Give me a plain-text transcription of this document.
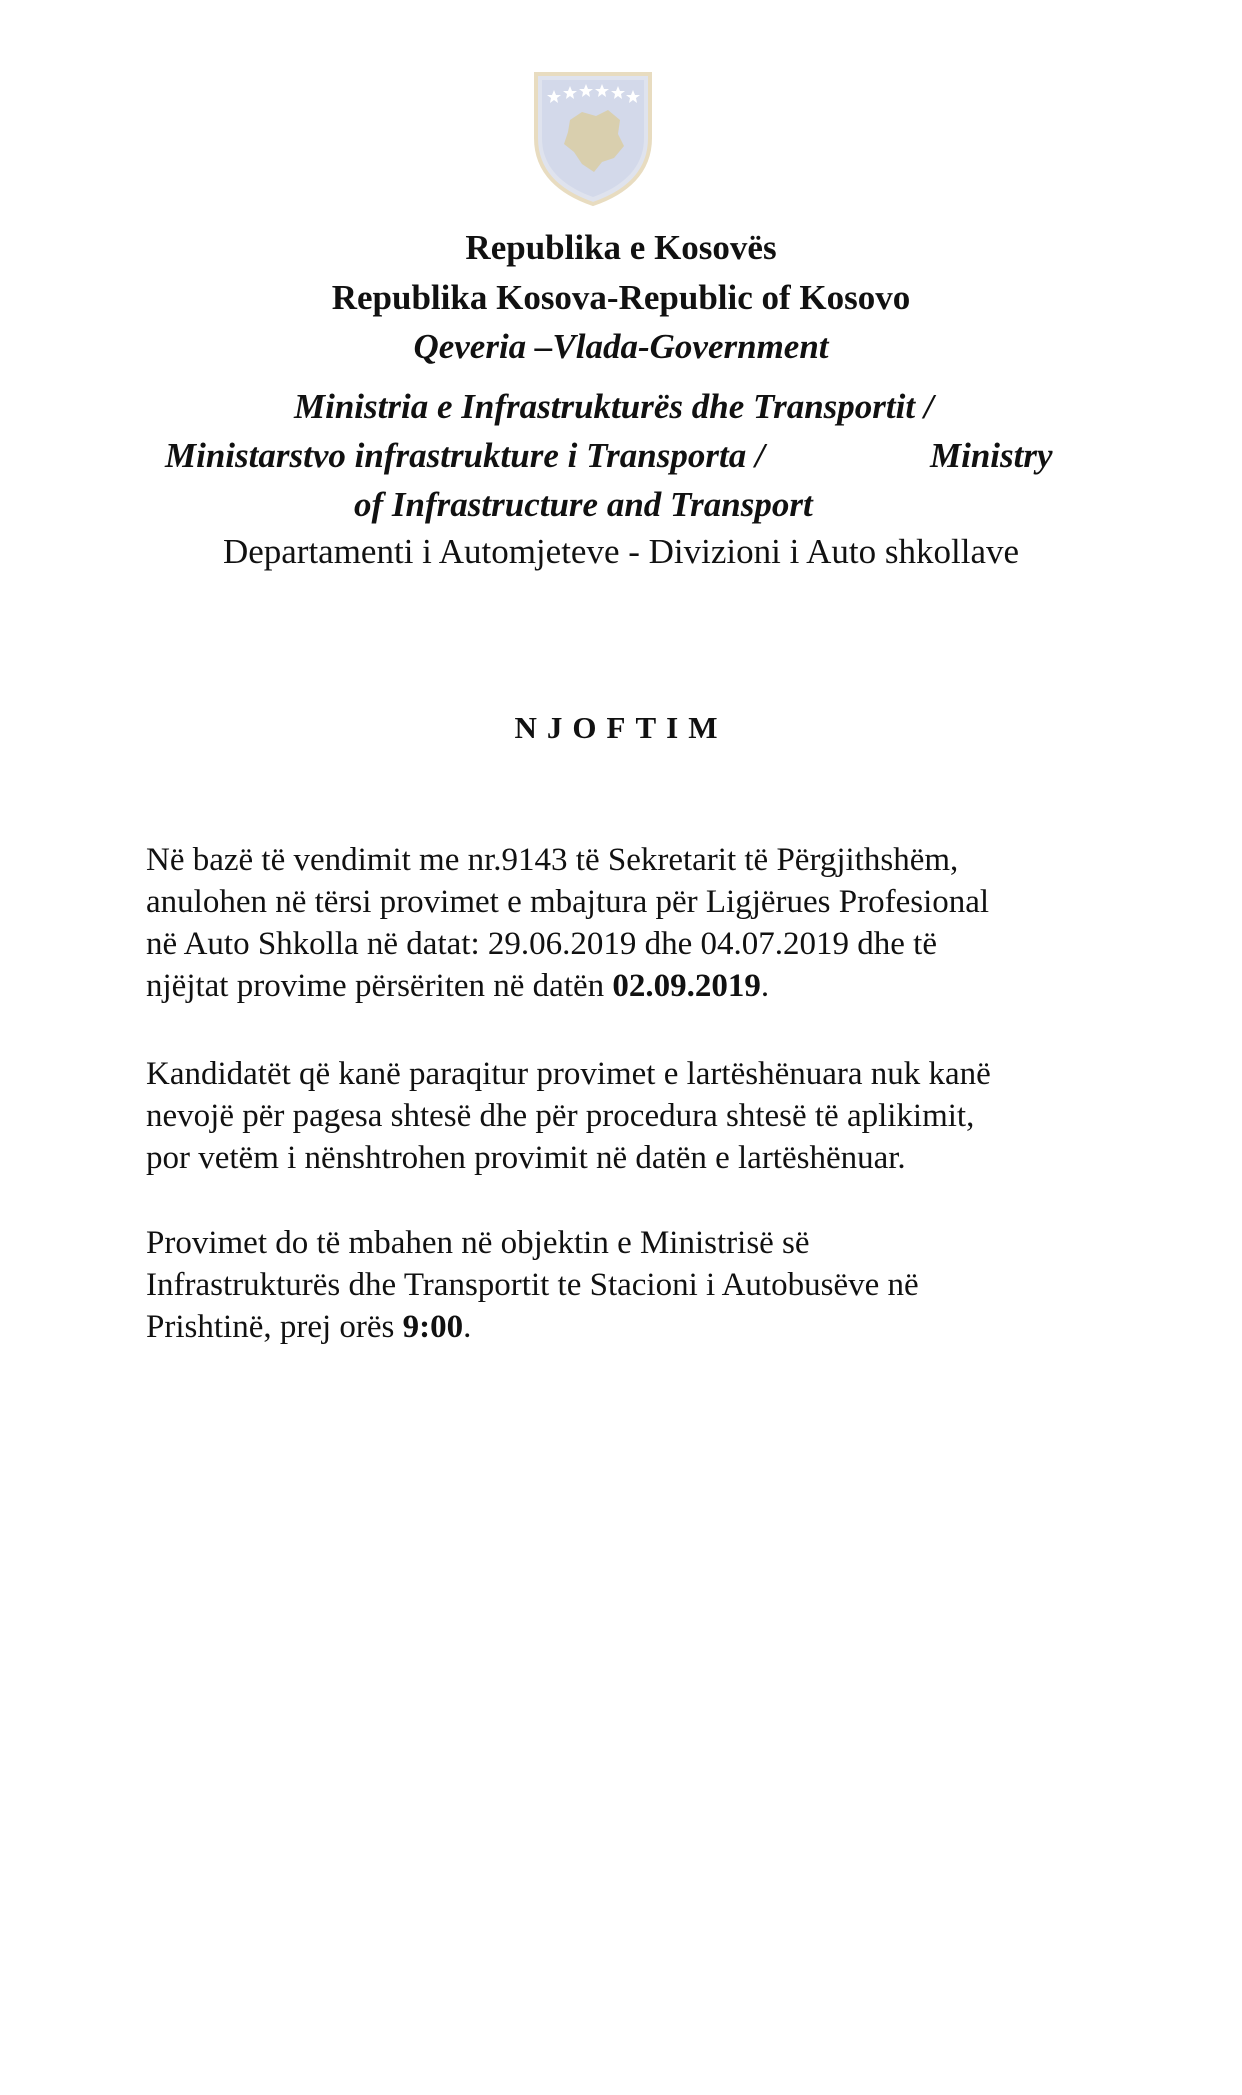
Republika e Kosovës
Republika Kosova-Republic of Kosovo
Qeveria –Vlada-Government
Ministria e Infrastrukturës dhe Transportit /
Ministarstvo infrastrukture i Transporta /	Ministry
of Infrastructure and Transport
Departamenti i Automjeteve - Divizioni i Auto shkollave
NJOFTIM

Në bazë të vendimit me nr.9143 të Sekretarit të Përgjithshëm,
anulohen në tërsi provimet e mbajtura për Ligjërues Profesional
në Auto Shkolla në datat: 29.06.2019 dhe 04.07.2019 dhe të
njëjtat provime përsëriten në datën 02.09.2019.

Kandidatët që kanë paraqitur provimet e lartëshënuara nuk kanë
nevojë për pagesa shtesë dhe për procedura shtesë të aplikimit,
por vetëm i nënshtrohen provimit në datën e lartëshënuar.

Provimet do të mbahen në objektin e Ministrisë së
Infrastrukturës dhe Transportit te Stacioni i Autobusëve në
Prishtinë, prej orës 9:00.
